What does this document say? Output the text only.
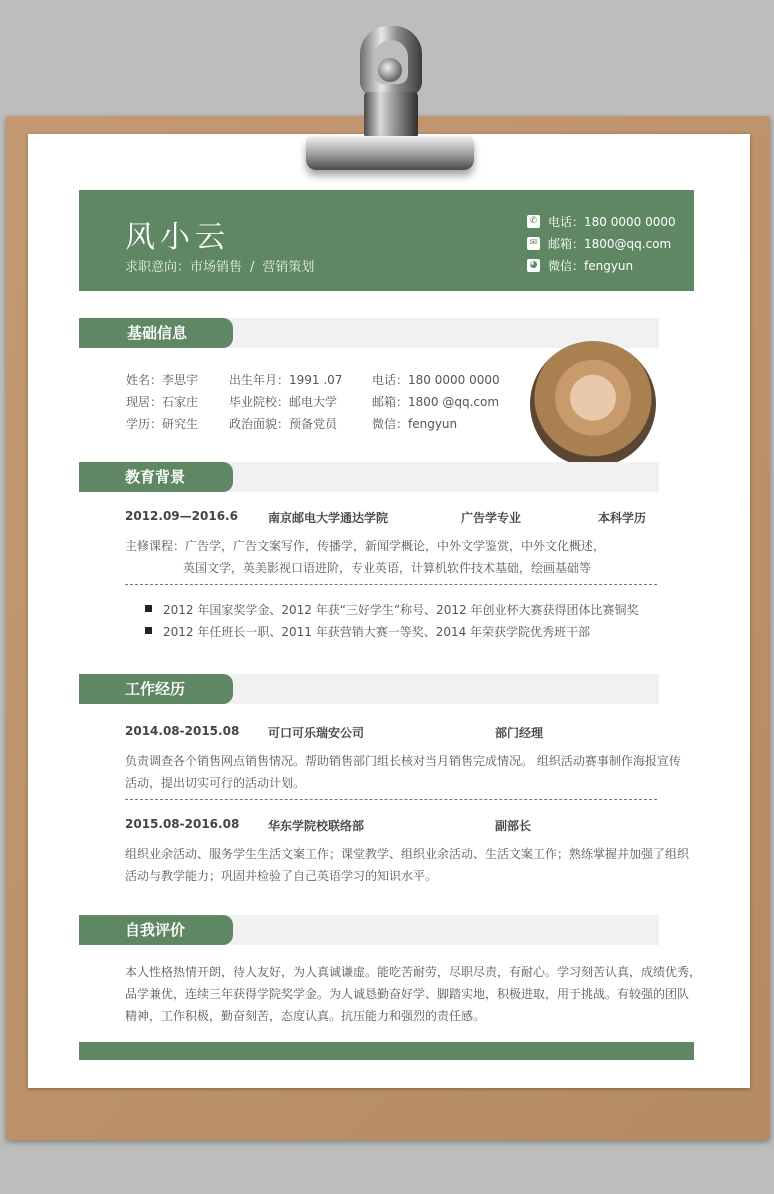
风小云
求职意向：市场销售 / 营销策划
✆ 电话：180 0000 0000
✉ 邮箱：1800@qq.com
◕ 微信：fengyun
基础信息
姓名：李思宇	出生年月：1991 .07 电话：180 0000 0000
现居：石家庄	毕业院校：邮电大学	邮箱：1800 @qq.com
学历：研究生	政治面貌：预备党员	微信：fengyun
教育背景
2012.09—2016.6	南京邮电大学通达学院	广告学专业	本科学历
主修课程：广告学，广告文案写作，传播学，新闻学概论，中外文学鉴赏，中外文化概述，
英国文学，英美影视口语进阶，专业英语，计算机软件技术基础，绘画基础等
2012 年国家奖学金、2012 年获“三好学生”称号、2012 年创业杯大赛获得团体比赛铜奖
2012 年任班长一职、2011 年获营销大赛一等奖、2014 年荣获学院优秀班干部
工作经历
2014.08-2015.08 可口可乐瑞安公司	部门经理
负责调查各个销售网点销售情况。帮助销售部门组长核对当月销售完成情况。 组织活动赛事制作海报宣传
活动，提出切实可行的活动计划。
2015.08-2016.08 华东学院校联络部	副部长
组织业余活动、服务学生生活文案工作；课堂教学、组织业余活动、生活文案工作；熟练掌握并加强了组织
活动与教学能力；巩固并检验了自己英语学习的知识水平。
自我评价
本人性格热情开朗，待人友好，为人真诚谦虚。能吃苦耐劳，尽职尽责，有耐心。学习刻苦认真，成绩优秀，
品学兼优，连续三年获得学院奖学金。为人诚恳勤奋好学、脚踏实地，积极进取，用于挑战。有较强的团队
精神，工作积极，勤奋刻苦，态度认真。抗压能力和强烈的责任感。
